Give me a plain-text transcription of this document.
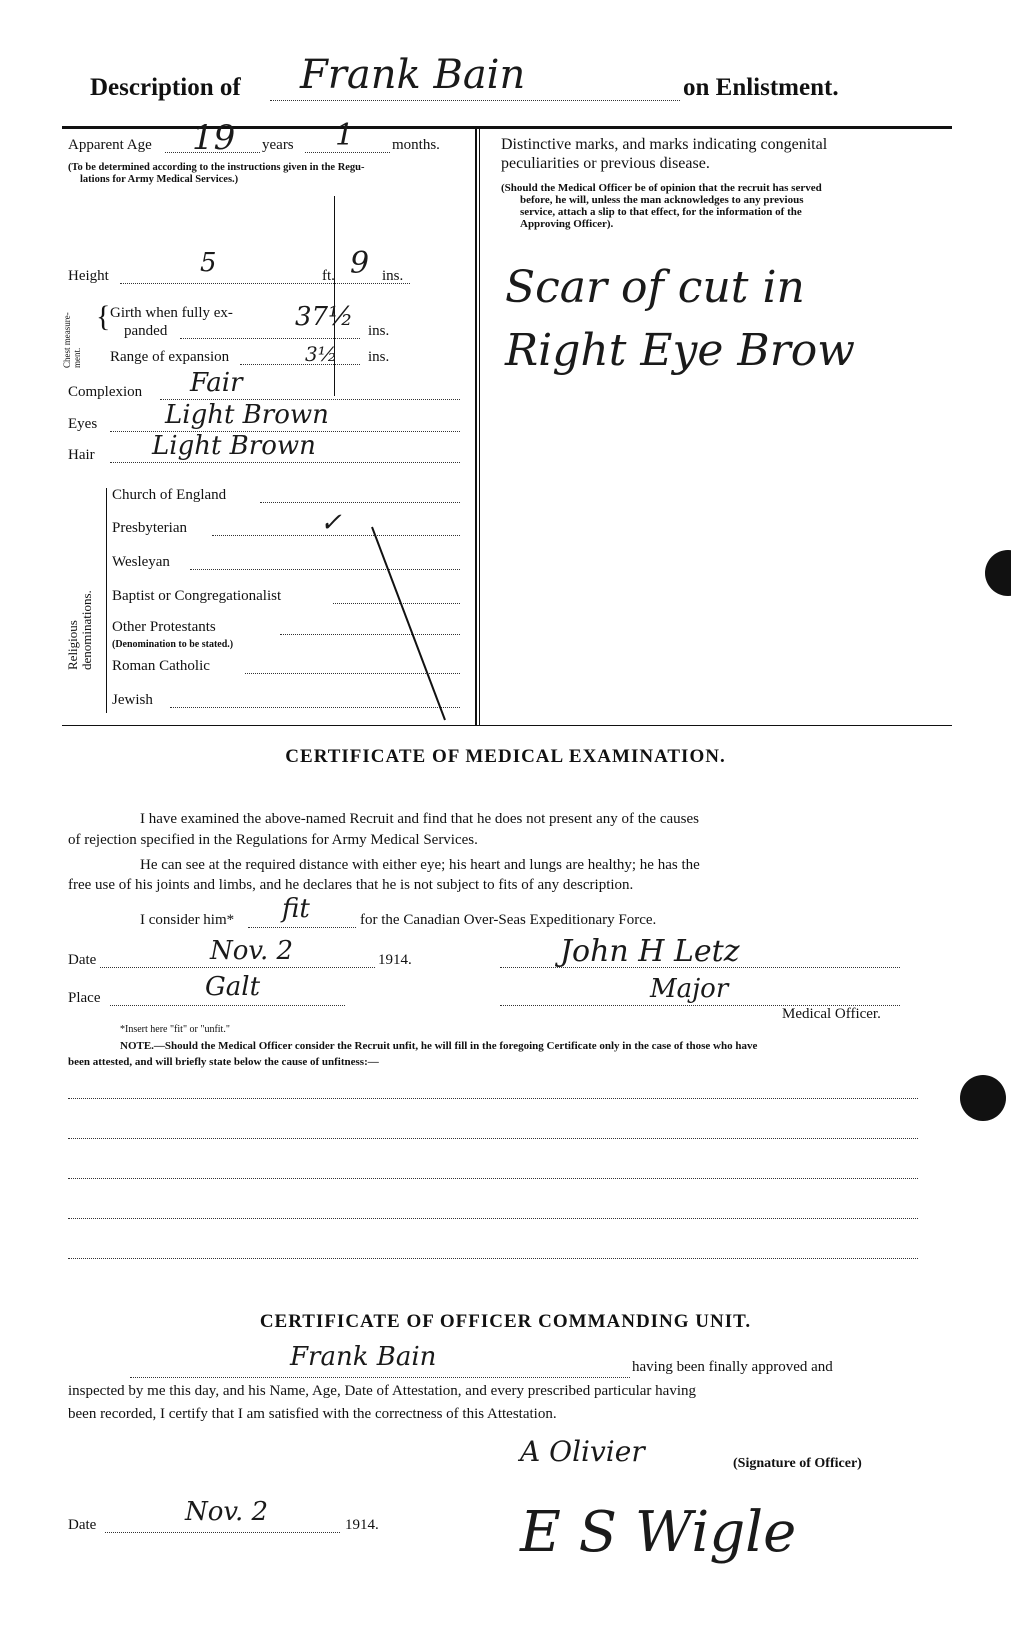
Description of Frank Bain	on Enlistment.
Apparent Age 19 years 1	months.
(To be determined according to the instructions given in the Regu-
lations for Army Medical Services.)
Height	5	ft. 9 ins.
Chest measure-ment.
{ Girth when fully ex-
panded	37½ ins.
Range of expansion	3½ ins.
Complexion Fair
Eyes	Light Brown
Hair Light Brown
Religious denominations.
Church of England
Presbyterian	✓
Wesleyan
Baptist or Congregationalist
Other Protestants
(Denomination to be stated.)
Roman Catholic
Jewish
Distinctive marks, and marks indicating congenital
peculiarities or previous disease.
(Should the Medical Officer be of opinion that the recruit has served
before, he will, unless the man acknowledges to any previous
service, attach a slip to that effect, for the information of the
Approving Officer).
Scar of cut in
Right Eye Brow
CERTIFICATE OF MEDICAL EXAMINATION.
I have examined the above-named Recruit and find that he does not present any of the causes
of rejection specified in the Regulations for Army Medical Services.
He can see at the required distance with either eye; his heart and lungs are healthy; he has the
free use of his joints and limbs, and he declares that he is not subject to fits of any description.
I consider him* fit	for the Canadian Over-Seas Expeditionary Force.
Date	Nov. 2	1914.
Place	Galt
John H Letz
Major
Medical Officer.
*Insert here "fit" or "unfit."
NOTE.—Should the Medical Officer consider the Recruit unfit, he will fill in the foregoing Certificate only in the case of those who have
been attested, and will briefly state below the cause of unfitness:—
CERTIFICATE OF OFFICER COMMANDING UNIT.
Frank Bain	having been finally approved and
inspected by me this day, and his Name, Age, Date of Attestation, and every prescribed particular having
been recorded, I certify that I am satisfied with the correctness of this Attestation.
A Olivier	(Signature of Officer)
E S Wigle
Date	Nov. 2	1914.
